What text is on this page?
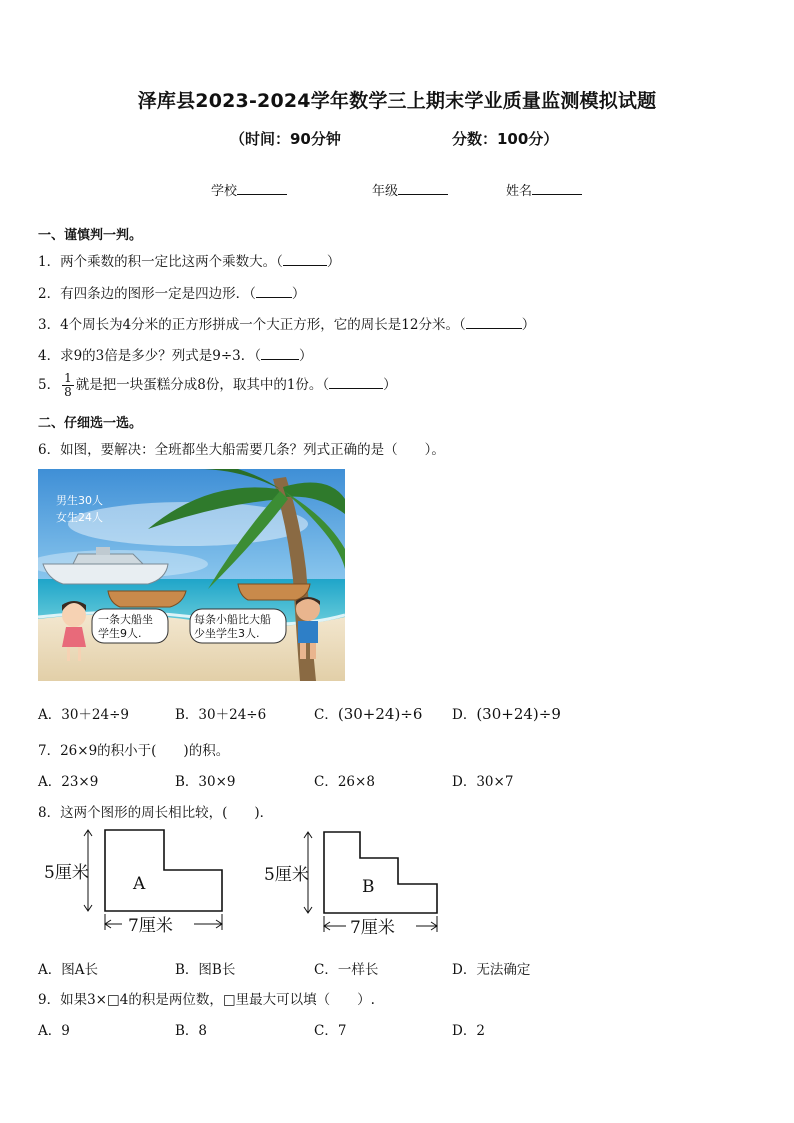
泽库县2023-2024学年数学三上期末学业质量监测模拟试题
（时间：90分钟	分数：100分）
学校	年级	姓名
一、谨慎判一判。
1．两个乘数的积一定比这两个乘数大。（	）
2．有四条边的图形一定是四边形．（	）
3．4个周长为4分米的正方形拼成一个大正方形，它的周长是12分米。（	）
4．求9的3倍是多少？列式是9÷3．（	）
5． $\frac{1}{8}$ 就是把一块蛋糕分成8份，取其中的1份。（	）
二、仔细选一选。
6．如图，要解决：全班都坐大船需要几条？列式正确的是（　　）。
男生30人
女生24人
一条大船坐
学生9人.
每条小船比大船
少坐学生3人.
A．30＋24÷9	B．30＋24÷6	C．(30+24)÷6 D．(30+24)÷9
7．26×9的积小于(　　)的积。
A．23×9	B．30×9	C．26×8	D．30×7
8．这两个图形的周长相比较，(　　)．
5厘米
7厘米
A	5厘米
7厘米
B
A．图A长	B．图B长	C．一样长	D．无法确定
9．如果3×□4的积是两位数，□里最大可以填（　　）.
A．9	B．8	C．7	D．2
